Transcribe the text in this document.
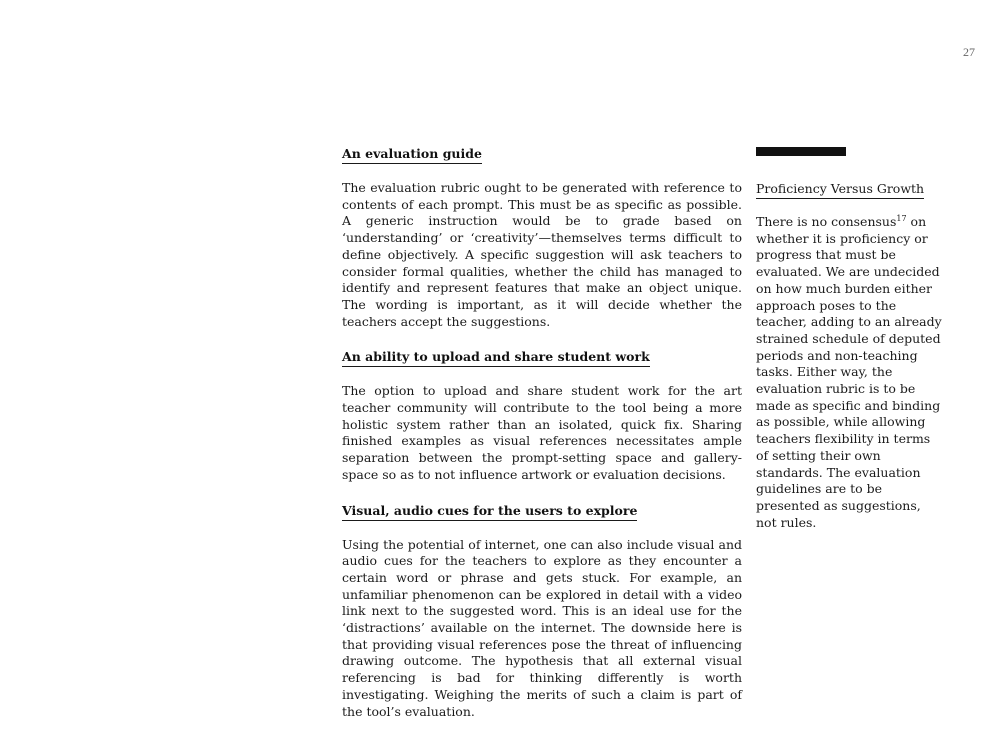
27
An evaluation guide

The evaluation rubric ought to be generated with reference to contents of each prompt. This must be as specific as possible. A generic instruction would be to grade based on ‘understanding’ or ‘creativity’—themselves terms difficult to define objectively. A specific suggestion will ask teachers to consider formal qualities, whether the child has managed to identify and represent features that make an object unique. The wording is important, as it will decide whether the teachers accept the suggestions.

An ability to upload and share student work

The option to upload and share student work for the art teacher community will contribute to the tool being a more holistic system rather than an isolated, quick fix. Sharing finished examples as visual references necessitates ample separation between the prompt-setting space and gallery-space so as to not influence artwork or evaluation decisions.

Visual, audio cues for the users to explore

Using the potential of internet, one can also include visual and audio cues for the teachers to explore as they encounter a certain word or phrase and gets stuck. For example, an unfamiliar phenomenon can be explored in detail with a video link next to the suggested word. This is an ideal use for the ‘distractions’ available on the internet. The downside here is that providing visual references pose the threat of influencing drawing outcome. The hypothesis that all external visual referencing is bad for thinking differently is worth investigating. Weighing the merits of such a claim is part of the tool’s evaluation.

Proficiency Versus Growth

There is no consensus$^{17}$ on whether it is proficiency or progress that must be evaluated. We are undecided on how much burden either approach poses to the teacher, adding to an already strained schedule of deputed periods and non-teaching tasks. Either way, the evaluation rubric is to be made as specific and binding as possible, while allowing teachers flexibility in terms of setting their own standards. The evaluation guidelines are to be presented as suggestions, not rules.
